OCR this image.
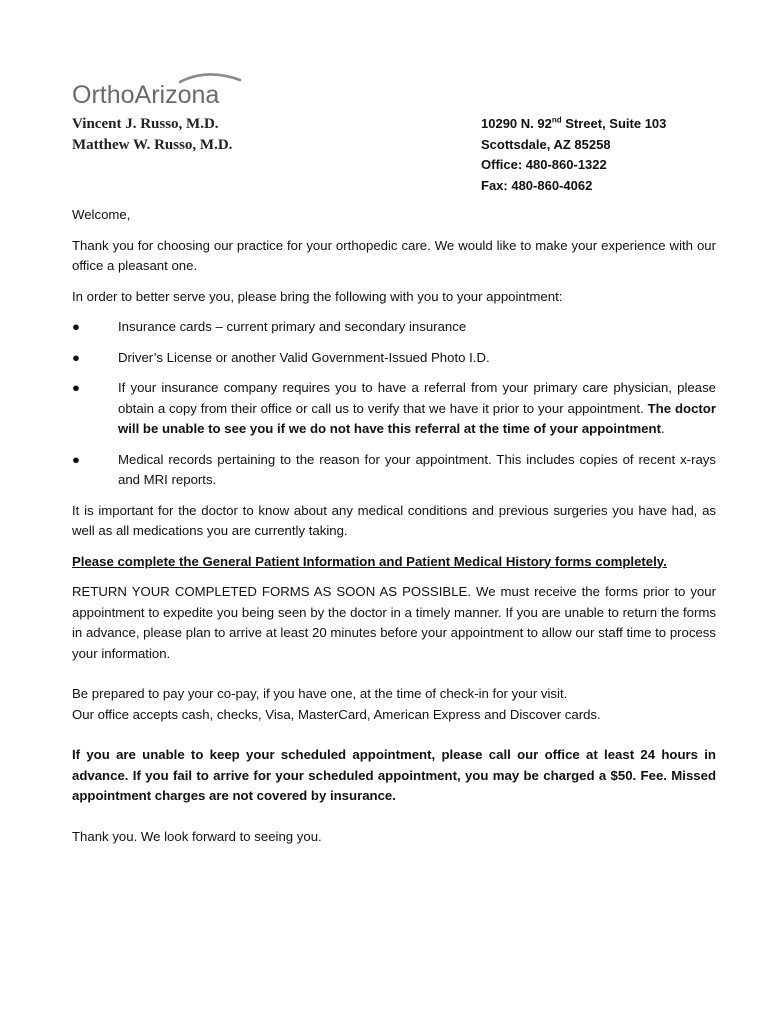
OrthoArizona
Vincent J. Russo, M.D.
Matthew W. Russo, M.D.
10290 N. 92nd Street, Suite 103
Scottsdale, AZ 85258
Office: 480-860-1322
Fax: 480-860-4062

Welcome,

Thank you for choosing our practice for your orthopedic care. We would like to make your experience with our office a pleasant one.

In order to better serve you, please bring the following with you to your appointment:

●	Insurance cards – current primary and secondary insurance
●	Driver’s License or another Valid Government-Issued Photo I.D.
●	If your insurance company requires you to have a referral from your primary care physician, please obtain a copy from their office or call us to verify that we have it prior to your appointment. The doctor will be unable to see you if we do not have this referral at the time of your appointment.
●	Medical records pertaining to the reason for your appointment. This includes copies of recent x-rays and MRI reports.

It is important for the doctor to know about any medical conditions and previous surgeries you have had, as well as all medications you are currently taking.

Please complete the General Patient Information and Patient Medical History forms completely.

RETURN YOUR COMPLETED FORMS AS SOON AS POSSIBLE. We must receive the forms prior to your appointment to expedite you being seen by the doctor in a timely manner. If you are unable to return the forms in advance, please plan to arrive at least 20 minutes before your appointment to allow our staff time to process your information.

Be prepared to pay your co-pay, if you have one, at the time of check-in for your visit.

Our office accepts cash, checks, Visa, MasterCard, American Express and Discover cards.

If you are unable to keep your scheduled appointment, please call our office at least 24 hours in advance. If you fail to arrive for your scheduled appointment, you may be charged a $50. Fee. Missed appointment charges are not covered by insurance.

Thank you. We look forward to seeing you.
